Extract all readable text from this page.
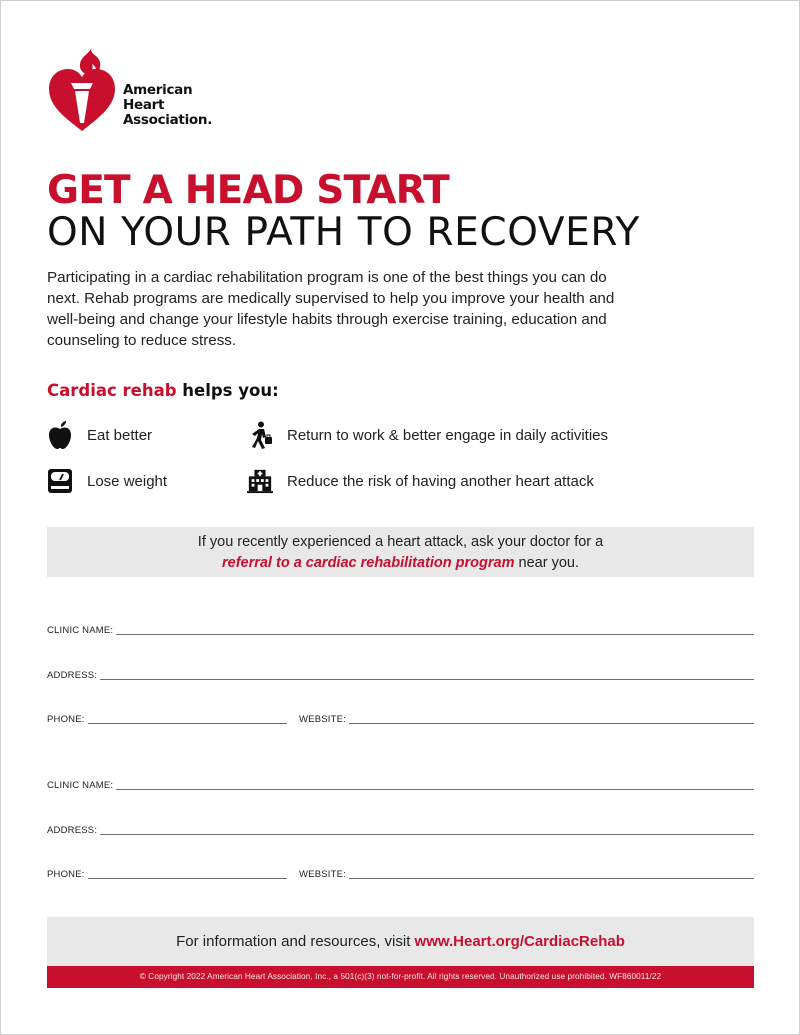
American
Heart
Association.
GET A HEAD START
ON YOUR PATH TO RECOVERY

Participating in a cardiac rehabilitation program is one of the best things you can do next. Rehab programs are medically supervised to help you improve your health and well-being and change your lifestyle habits through exercise training, education and counseling to reduce stress.

Cardiac rehab helps you:
Eat better
Lose weight
Return to work & better engage in daily activities
Reduce the risk of having another heart attack
If you recently experienced a heart attack, ask your doctor for a
referral to a cardiac rehabilitation program near you.
CLINIC NAME:
ADDRESS:
PHONE:	WEBSITE:
CLINIC NAME:
ADDRESS:
PHONE:	WEBSITE:
For information and resources, visit www.Heart.org/CardiacRehab
© Copyright 2022 American Heart Association, Inc., a 501(c)(3) not-for-profit. All rights reserved. Unauthorized use prohibited. WF860011/22
